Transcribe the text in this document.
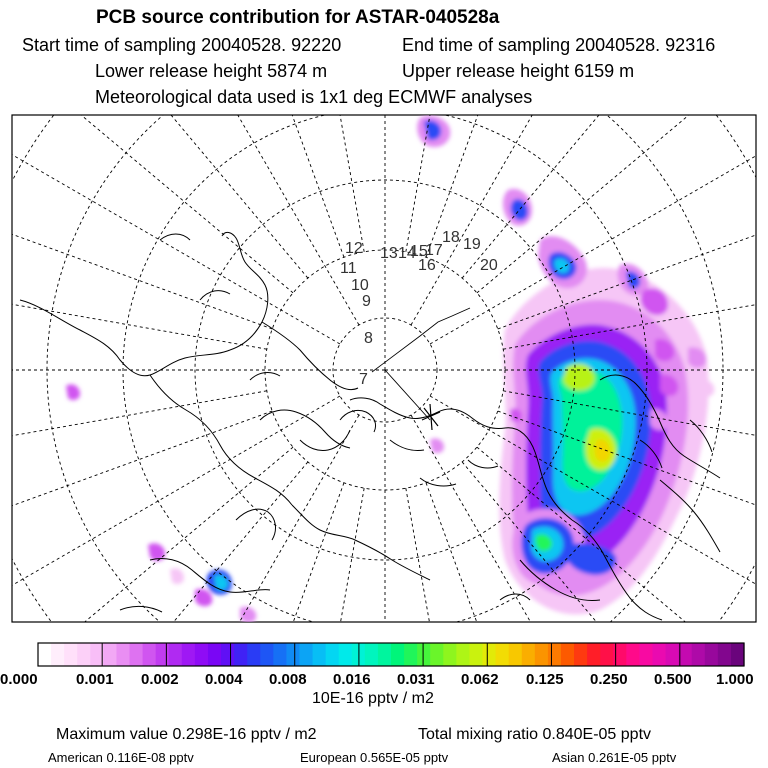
PCB source contribution for ASTAR-040528a
Start time of sampling 20040528. 92220	End time of sampling 20040528. 92316
Lower release height 5874 m	Upper release height 6159 m
Meteorological data used is 1x1 deg ECMWF analyses
7
8
9
10
11
12 13 14
15
16
17
18 19
20
0.000	0.001 0.002 0.004 0.008 0.016 0.031 0.062 0.125 0.250 0.500 1.000
10E-16 pptv / m2
Maximum value 0.298E-16 pptv / m2	Total mixing ratio 0.840E-05 pptv
American 0.116E-08 pptv	European 0.565E-05 pptv	Asian 0.261E-05 pptv
